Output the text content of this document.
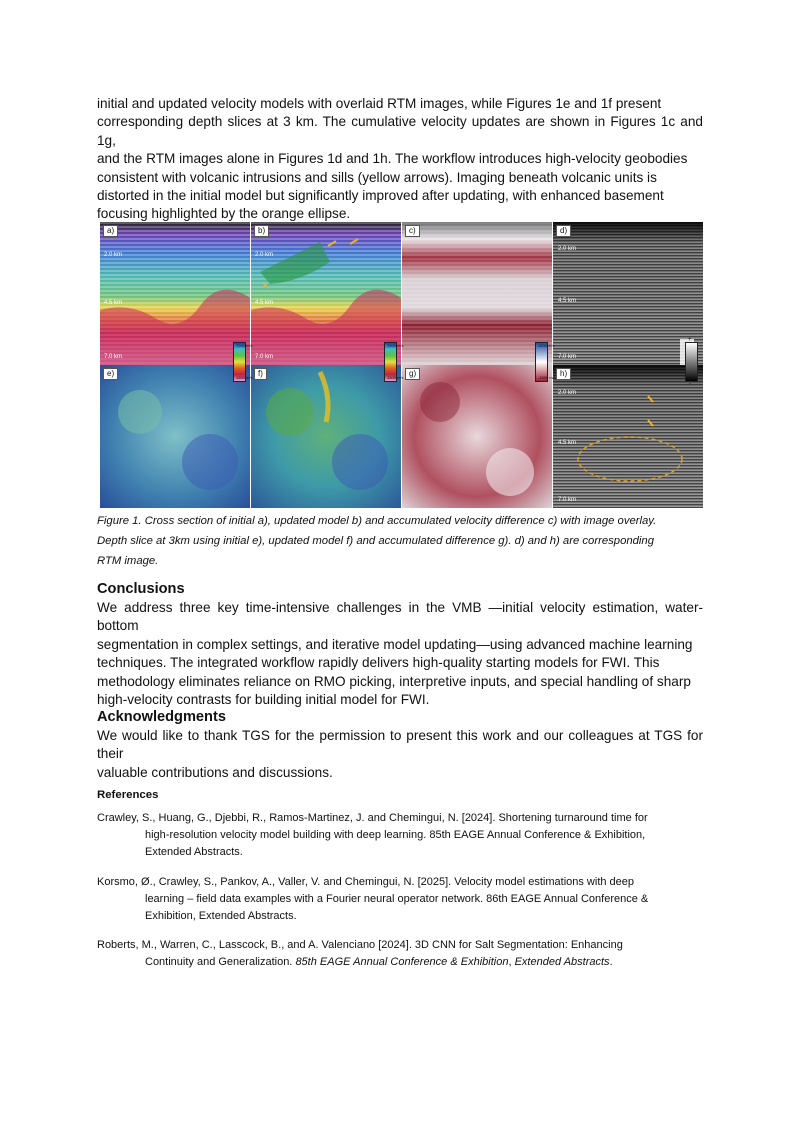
initial and updated velocity models with overlaid RTM images, while Figures 1e and 1f present

corresponding depth slices at 3 km. The cumulative velocity updates are shown in Figures 1c and 1g,

and the RTM images alone in Figures 1d and 1h. The workflow introduces high-velocity geobodies

consistent with volcanic intrusions and sills (yellow arrows). Imaging beneath volcanic units is

distorted in the initial model but significantly improved after updating, with enhanced basement

focusing highlighted by the orange ellipse.

a)	b)	c)	d)
e)	f)	g)	h)
2.0 km
4.5 km
7.0 km
2.0 km
4.5 km
7.0 km
2.0 km
4.5 km
7.0 km
2.0 km
4.5 km
7.0 km
7200 m/s
1500 m/s
7200 m/s
1500 m/s
1500 m/s
-1500 m/s
+
-
Figure 1. Cross section of initial a), updated model b) and accumulated velocity difference c) with image overlay.
Depth slice at 3km using initial e), updated model f) and accumulated difference g). d) and h) are corresponding
RTM image.
Conclusions

We address three key time-intensive challenges in the VMB —initial velocity estimation, water-bottom

segmentation in complex settings, and iterative model updating—using advanced machine learning

techniques. The integrated workflow rapidly delivers high-quality starting models for FWI. This

methodology eliminates reliance on RMO picking, interpretive inputs, and special handling of sharp

high-velocity contrasts for building initial model for FWI.

Acknowledgments

We would like to thank TGS for the permission to present this work and our colleagues at TGS for their

valuable contributions and discussions.

References
Crawley, S., Huang, G., Djebbi, R., Ramos-Martinez, J. and Chemingui, N. [2024]. Shortening turnaround time for
high-resolution velocity model building with deep learning. 85th EAGE Annual Conference & Exhibition,
Extended Abstracts.
Korsmo, Ø., Crawley, S., Pankov, A., Valler, V. and Chemingui, N. [2025]. Velocity model estimations with deep
learning – field data examples with a Fourier neural operator network. 86th EAGE Annual Conference &
Exhibition, Extended Abstracts.
Roberts, M., Warren, C., Lasscock, B., and A. Valenciano [2024]. 3D CNN for Salt Segmentation: Enhancing
Continuity and Generalization. 85th EAGE Annual Conference & Exhibition, Extended Abstracts.
